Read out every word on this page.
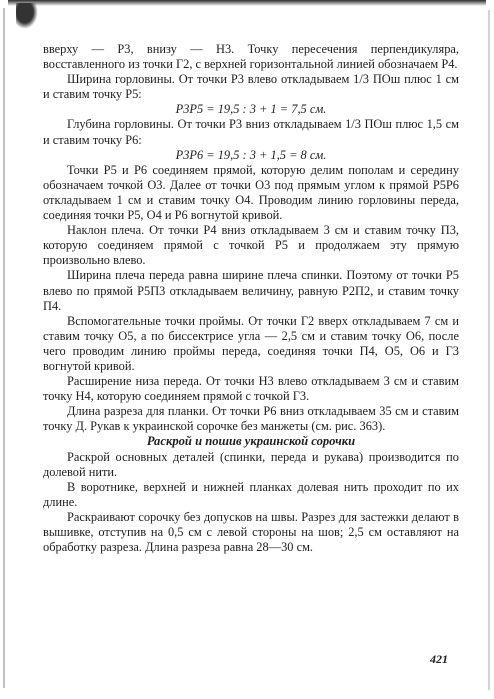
вверху — P3, внизу — H3. Точку пересечения перпендикуляра, восставленного из точки Г2, с верхней горизонтальной линией обозначаем P4.

Ширина горловины. От точки P3 влево откладываем 1/3 ПОш плюс 1 см и ставим точку P5:

P3P5 = 19,5 : 3 + 1 = 7,5 см.

Глубина горловины. От точки P3 вниз откладываем 1/3 ПОш плюс 1,5 см и ставим точку P6:

P3P6 = 19,5 : 3 + 1,5 = 8 см.

Точки P5 и P6 соединяем прямой, которую делим пополам и середину обозначаем точкой O3. Далее от точки O3 под прямым углом к прямой P5P6 откладываем 1 см и ставим точку O4. Проводим линию горловины переда, соединяя точки P5, O4 и P6 вогнутой кривой.

Наклон плеча. От точки P4 вниз откладываем 3 см и ставим точку П3, которую соединяем прямой с точкой P5 и продолжаем эту прямую произвольно влево.

Ширина плеча переда равна ширине плеча спинки. Поэтому от точки P5 влево по прямой P5П3 откладываем величину, равную P2П2, и ставим точку П4.

Вспомогательные точки проймы. От точки Г2 вверх откладываем 7 см и ставим точку O5, а по биссектрисе угла — 2,5 см и ставим точку O6, после чего проводим линию проймы переда, соединяя точки П4, O5, O6 и Г3 вогнутой кривой.

Расширение низа переда. От точки H3 влево откладываем 3 см и ставим точку H4, которую соединяем прямой с точкой Г3.

Длина разреза для планки. От точки P6 вниз откладываем 35 см и ставим точку Д. Рукав к украинской сорочке без манжеты (см. рис. 363).

Раскрой и пошив украинской сорочки

Раскрой основных деталей (спинки, переда и рукава) производится по долевой нити.

В воротнике, верхней и нижней планках долевая нить проходит по их длине.

Раскраивают сорочку без допусков на швы. Разрез для застежки делают в вышивке, отступив на 0,5 см с левой стороны на шов; 2,5 см оставляют на обработку разреза. Длина разреза равна 28—30 см.

421
